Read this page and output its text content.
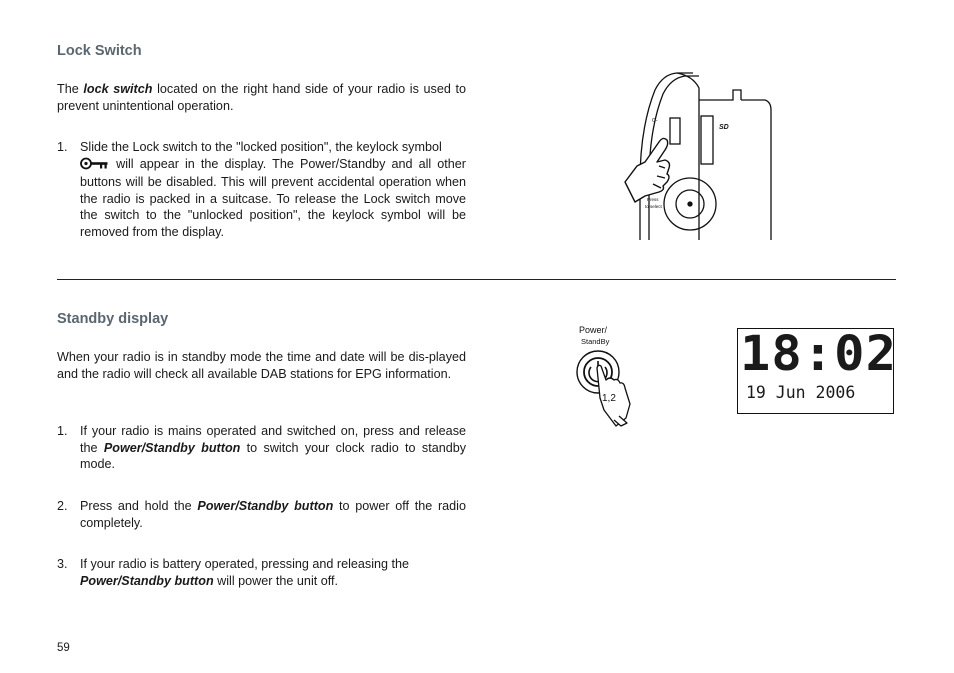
Lock Switch
The lock switch located on the right hand side of your radio is used to prevent unintentional operation.
1. Slide the Lock switch to the "locked position", the keylock symbol
will appear in the display. The Power/Standby and all other buttons will be disabled. This will prevent accidental operation when the radio is packed in a suitcase. To release the Lock switch move the switch to the "unlocked position", the keylock symbol will be removed from the display.
SD
O-
Press
to select
Standby display
When your radio is in standby mode the time and date will be dis-played and the radio will check all available DAB stations for EPG information.
1. If your radio is mains operated and switched on, press and release the Power/Standby button to switch your clock radio to standby mode.
2. Press and hold the Power/Standby button to power off the radio completely.
3. If your radio is battery operated, pressing and releasing the
Power/Standby button will power the unit off.
Power/
StandBy
1,2
18:02
19 Jun 2006
59
